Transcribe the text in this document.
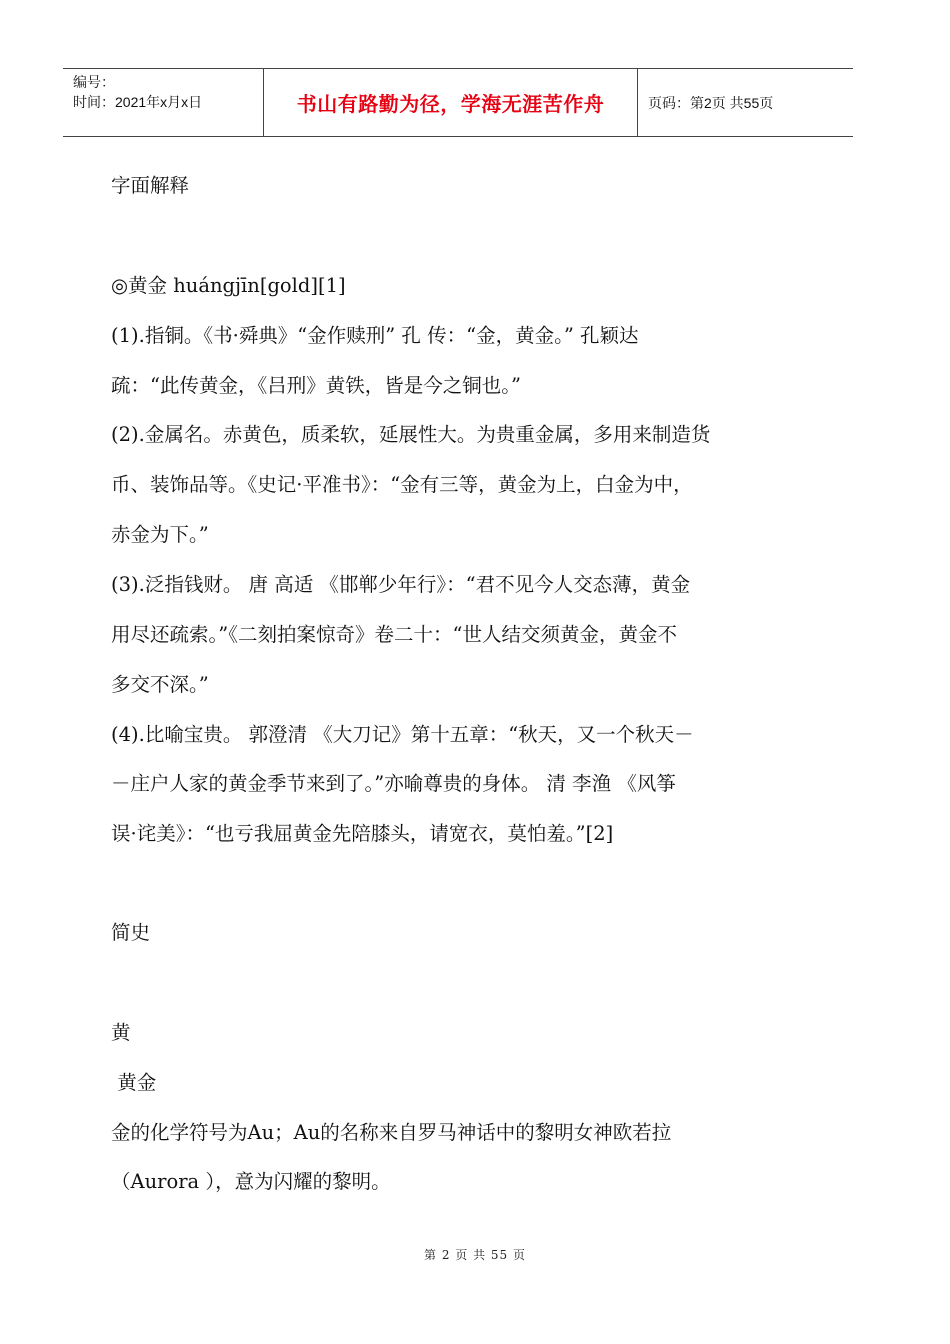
编号：
时间：2021年x月x日	书山有路勤为径，学海无涯苦作舟	页码：第2页 共55页
字面解释
◎黄金 huángjīn[gold][1]
(1).指铜。《书·舜典》“金作赎刑” 孔 传：“金，黄金。” 孔颖达
疏：“此传黄金，《吕刑》黄铁，皆是今之铜也。”
(2).金属名。赤黄色，质柔软，延展性大。为贵重金属，多用来制造货
币、装饰品等。《史记·平准书》：“金有三等，黄金为上，白金为中，
赤金为下。”
(3).泛指钱财。 唐 高适 《邯郸少年行》：“君不见今人交态薄，黄金
用尽还疏索。”《二刻拍案惊奇》卷二十：“世人结交须黄金，黄金不
多交不深。”
(4).比喻宝贵。 郭澄清 《大刀记》第十五章：“秋天，又一个秋天－
－庄户人家的黄金季节来到了。”亦喻尊贵的身体。 清 李渔 《风筝
误·诧美》：“也亏我屈黄金先陪膝头，请宽衣，莫怕羞。”[2]
简史
黄
黄金
金的化学符号为Au；Au的名称来自罗马神话中的黎明女神欧若拉
（Aurora ），意为闪耀的黎明。
第 2 页 共 55 页
